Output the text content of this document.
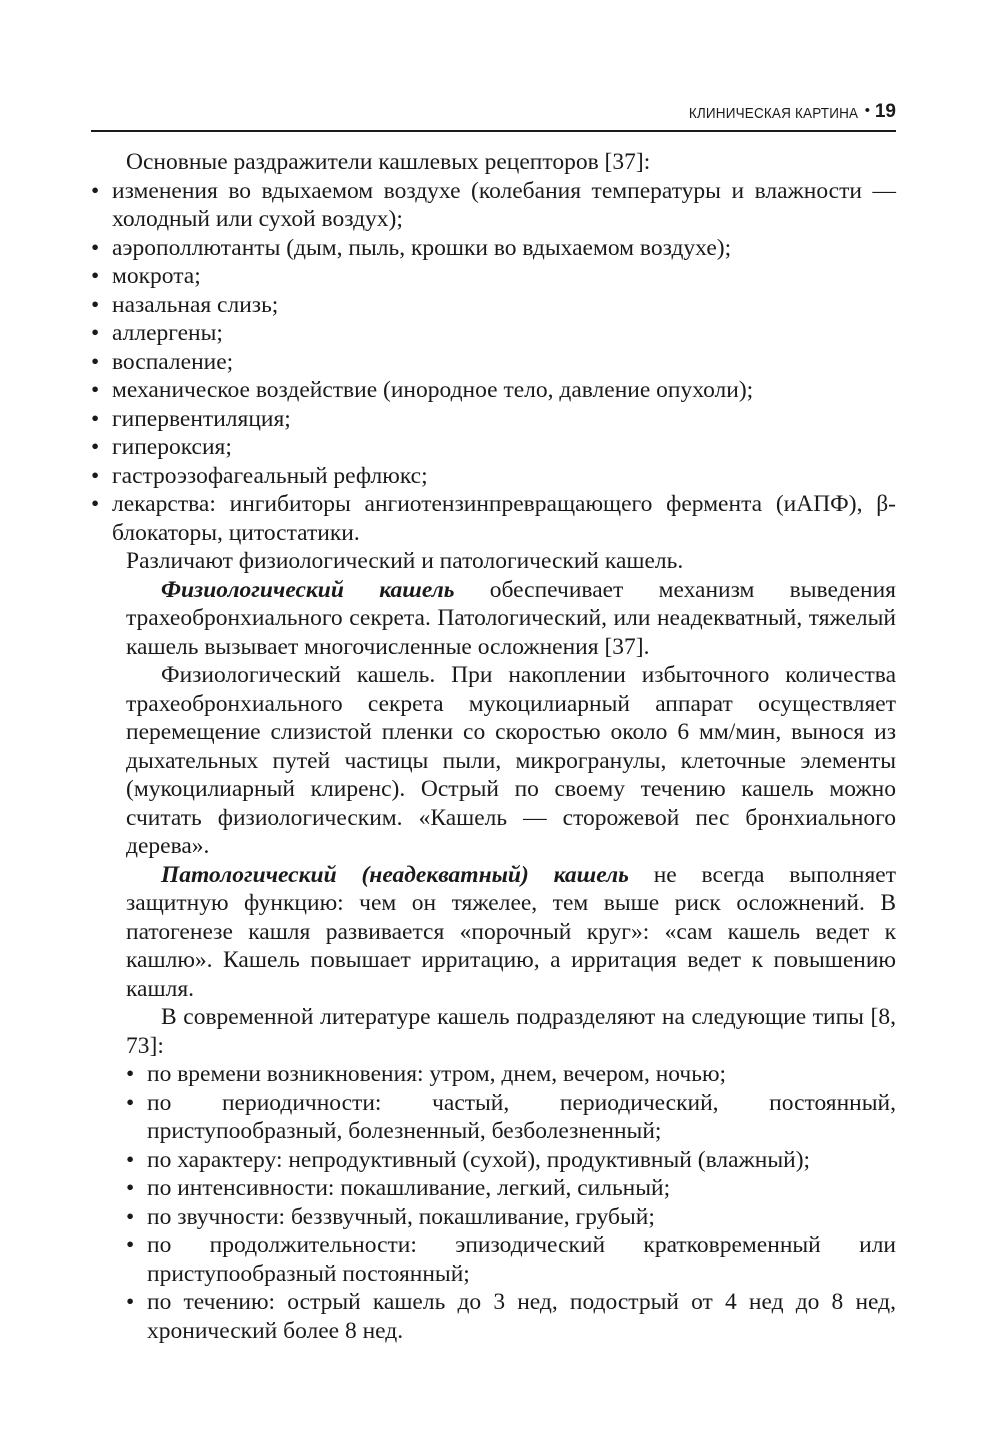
КЛИНИЧЕСКАЯ КАРТИНА • 19

Основные раздражители кашлевых рецепторов [37]:

• изменения во вдыхаемом воздухе (колебания температуры и влажности — холодный или сухой воздух);
• аэрополлютанты (дым, пыль, крошки во вдыхаемом воздухе);
• мокрота;
• назальная слизь;
• аллергены;
• воспаление;
• механическое воздействие (инородное тело, давление опухоли);
• гипервентиляция;
• гипероксия;
• гастроэзофагеальный рефлюкс;
• лекарства: ингибиторы ангиотензинпревращающего фермента (иАПФ), β-блокаторы, цитостатики.

Различают физиологический и патологический кашель.

Физиологический кашель обеспечивает механизм выведения трахеобронхиального секрета. Патологический, или неадекватный, тяжелый кашель вызывает многочисленные осложнения [37].

Физиологический кашель. При накоплении избыточного количества трахеобронхиального секрета мукоцилиарный аппарат осуществляет перемещение слизистой пленки со скоростью около 6 мм/мин, вынося из дыхательных путей частицы пыли, микрогранулы, клеточные элементы (мукоцилиарный клиренс). Острый по своему течению кашель можно считать физиологическим. «Кашель — сторожевой пес бронхиального дерева».

Патологический (неадекватный) кашель не всегда выполняет защитную функцию: чем он тяжелее, тем выше риск осложнений. В патогенезе кашля развивается «порочный круг»: «сам кашель ведет к кашлю». Кашель повышает ирритацию, а ирритация ведет к повышению кашля.

В современной литературе кашель подразделяют на следующие типы [8, 73]:

• по времени возникновения: утром, днем, вечером, ночью;
• по периодичности: частый, периодический, постоянный, приступообразный, болезненный, безболезненный;
• по характеру: непродуктивный (сухой), продуктивный (влажный);
• по интенсивности: покашливание, легкий, сильный;
• по звучности: беззвучный, покашливание, грубый;
• по продолжительности: эпизодический кратковременный или приступообразный постоянный;
• по течению: острый кашель до 3 нед, подострый от 4 нед до 8 нед, хронический более 8 нед.
